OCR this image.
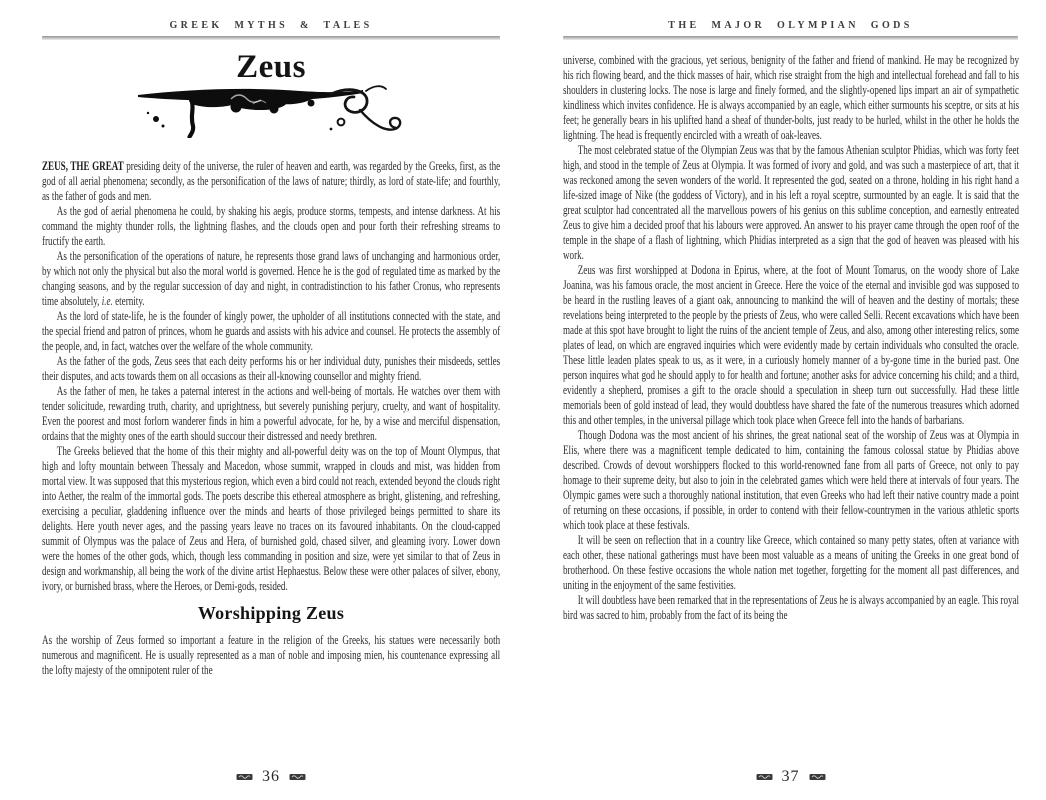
GREEK MYTHS & TALES
Zeus

ZEUS, THE GREAT presiding deity of the universe, the ruler of heaven and earth, was regarded by the Greeks, first, as the god of all aerial phenomena; secondly, as the personification of the laws of nature; thirdly, as lord of state-life; and fourthly, as the father of gods and men.

As the god of aerial phenomena he could, by shaking his aegis, produce storms, tempests, and intense darkness. At his command the mighty thunder rolls, the lightning flashes, and the clouds open and pour forth their refreshing streams to fructify the earth.

As the personification of the operations of nature, he represents those grand laws of unchanging and harmonious order, by which not only the physical but also the moral world is governed. Hence he is the god of regulated time as marked by the changing seasons, and by the regular succession of day and night, in contradistinction to his father Cronus, who represents time absolutely, i.e. eternity.

As the lord of state-life, he is the founder of kingly power, the upholder of all institutions connected with the state, and the special friend and patron of princes, whom he guards and assists with his advice and counsel. He protects the assembly of the people, and, in fact, watches over the welfare of the whole community.

As the father of the gods, Zeus sees that each deity performs his or her individual duty, punishes their misdeeds, settles their disputes, and acts towards them on all occasions as their all-knowing counsellor and mighty friend.

As the father of men, he takes a paternal interest in the actions and well-being of mortals. He watches over them with tender solicitude, rewarding truth, charity, and uprightness, but severely punishing perjury, cruelty, and want of hospitality. Even the poorest and most forlorn wanderer finds in him a powerful advocate, for he, by a wise and merciful dispensation, ordains that the mighty ones of the earth should succour their distressed and needy brethren.

The Greeks believed that the home of this their mighty and all-powerful deity was on the top of Mount Olympus, that high and lofty mountain between Thessaly and Macedon, whose summit, wrapped in clouds and mist, was hidden from mortal view. It was supposed that this mysterious region, which even a bird could not reach, extended beyond the clouds right into Aether, the realm of the immortal gods. The poets describe this ethereal atmosphere as bright, glistening, and refreshing, exercising a peculiar, gladdening influence over the minds and hearts of those privileged beings permitted to share its delights. Here youth never ages, and the passing years leave no traces on its favoured inhabitants. On the cloud-capped summit of Olympus was the palace of Zeus and Hera, of burnished gold, chased silver, and gleaming ivory. Lower down were the homes of the other gods, which, though less commanding in position and size, were yet similar to that of Zeus in design and workmanship, all being the work of the divine artist Hephaestus. Below these were other palaces of silver, ebony, ivory, or burnished brass, where the Heroes, or Demi-gods, resided.

Worshipping Zeus

As the worship of Zeus formed so important a feature in the religion of the Greeks, his statues were necessarily both numerous and magnificent. He is usually represented as a man of noble and imposing mien, his countenance expressing all the lofty majesty of the omnipotent ruler of the

36
THE MAJOR OLYMPIAN GODS

universe, combined with the gracious, yet serious, benignity of the father and friend of mankind. He may be recognized by his rich flowing beard, and the thick masses of hair, which rise straight from the high and intellectual forehead and fall to his shoulders in clustering locks. The nose is large and finely formed, and the slightly-opened lips impart an air of sympathetic kindliness which invites confidence. He is always accompanied by an eagle, which either surmounts his sceptre, or sits at his feet; he generally bears in his uplifted hand a sheaf of thunder-bolts, just ready to be hurled, whilst in the other he holds the lightning. The head is frequently encircled with a wreath of oak-leaves.

The most celebrated statue of the Olympian Zeus was that by the famous Athenian sculptor Phidias, which was forty feet high, and stood in the temple of Zeus at Olympia. It was formed of ivory and gold, and was such a masterpiece of art, that it was reckoned among the seven wonders of the world. It represented the god, seated on a throne, holding in his right hand a life-sized image of Nike (the goddess of Victory), and in his left a royal sceptre, surmounted by an eagle. It is said that the great sculptor had concentrated all the marvellous powers of his genius on this sublime conception, and earnestly entreated Zeus to give him a decided proof that his labours were approved. An answer to his prayer came through the open roof of the temple in the shape of a flash of lightning, which Phidias interpreted as a sign that the god of heaven was pleased with his work.

Zeus was first worshipped at Dodona in Epirus, where, at the foot of Mount Tomarus, on the woody shore of Lake Joanina, was his famous oracle, the most ancient in Greece. Here the voice of the eternal and invisible god was supposed to be heard in the rustling leaves of a giant oak, announcing to mankind the will of heaven and the destiny of mortals; these revelations being interpreted to the people by the priests of Zeus, who were called Selli. Recent excavations which have been made at this spot have brought to light the ruins of the ancient temple of Zeus, and also, among other interesting relics, some plates of lead, on which are engraved inquiries which were evidently made by certain individuals who consulted the oracle. These little leaden plates speak to us, as it were, in a curiously homely manner of a by-gone time in the buried past. One person inquires what god he should apply to for health and fortune; another asks for advice concerning his child; and a third, evidently a shepherd, promises a gift to the oracle should a speculation in sheep turn out successfully. Had these little memorials been of gold instead of lead, they would doubtless have shared the fate of the numerous treasures which adorned this and other temples, in the universal pillage which took place when Greece fell into the hands of barbarians.

Though Dodona was the most ancient of his shrines, the great national seat of the worship of Zeus was at Olympia in Elis, where there was a magnificent temple dedicated to him, containing the famous colossal statue by Phidias above described. Crowds of devout worshippers flocked to this world-renowned fane from all parts of Greece, not only to pay homage to their supreme deity, but also to join in the celebrated games which were held there at intervals of four years. The Olympic games were such a thoroughly national institution, that even Greeks who had left their native country made a point of returning on these occasions, if possible, in order to contend with their fellow-countrymen in the various athletic sports which took place at these festivals.

It will be seen on reflection that in a country like Greece, which contained so many petty states, often at variance with each other, these national gatherings must have been most valuable as a means of uniting the Greeks in one great bond of brotherhood. On these festive occasions the whole nation met together, forgetting for the moment all past differences, and uniting in the enjoyment of the same festivities.

It will doubtless have been remarked that in the representations of Zeus he is always accompanied by an eagle. This royal bird was sacred to him, probably from the fact of its being the

37
